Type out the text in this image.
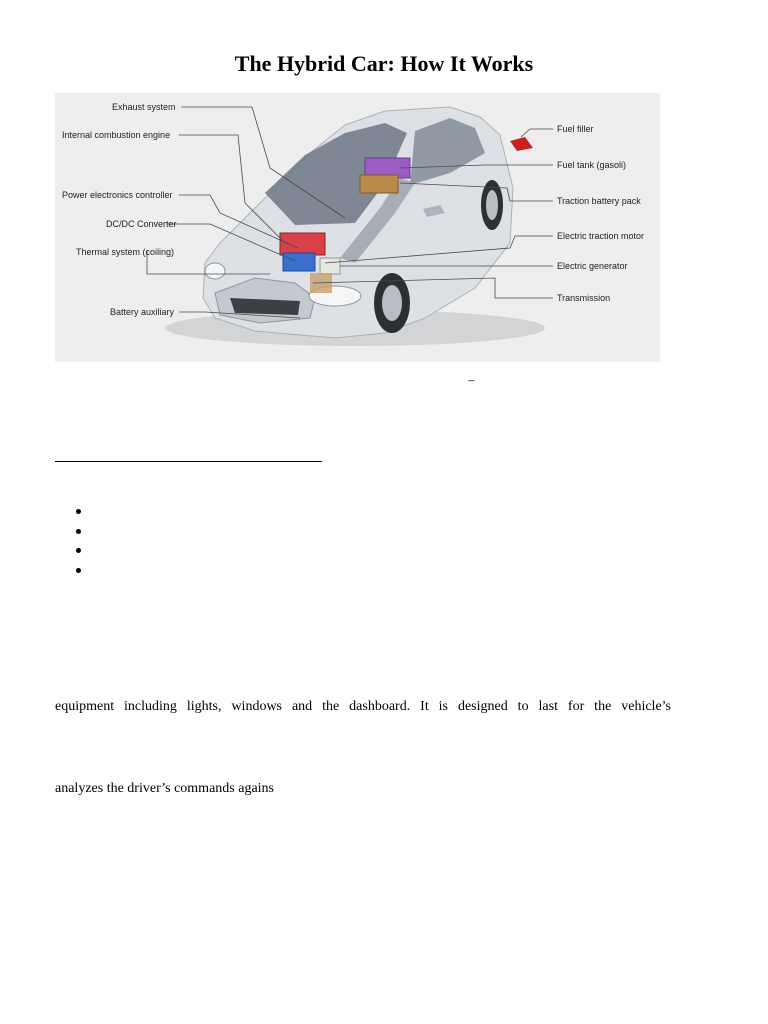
The Hybrid Car: How It Works
Exhaust system
Internal combustion engine
Power electronics controller
DC/DC Converter
Thermal system (coiling)
Battery auxiliary
Fuel filler
Fuel tank (gasoli)
Traction battery pack
Electric traction motor
Electric generator
Transmission
–
equipment including lights, windows and the dashboard. It is designed to last for the vehicle’s
analyzes the driver’s commands agains
